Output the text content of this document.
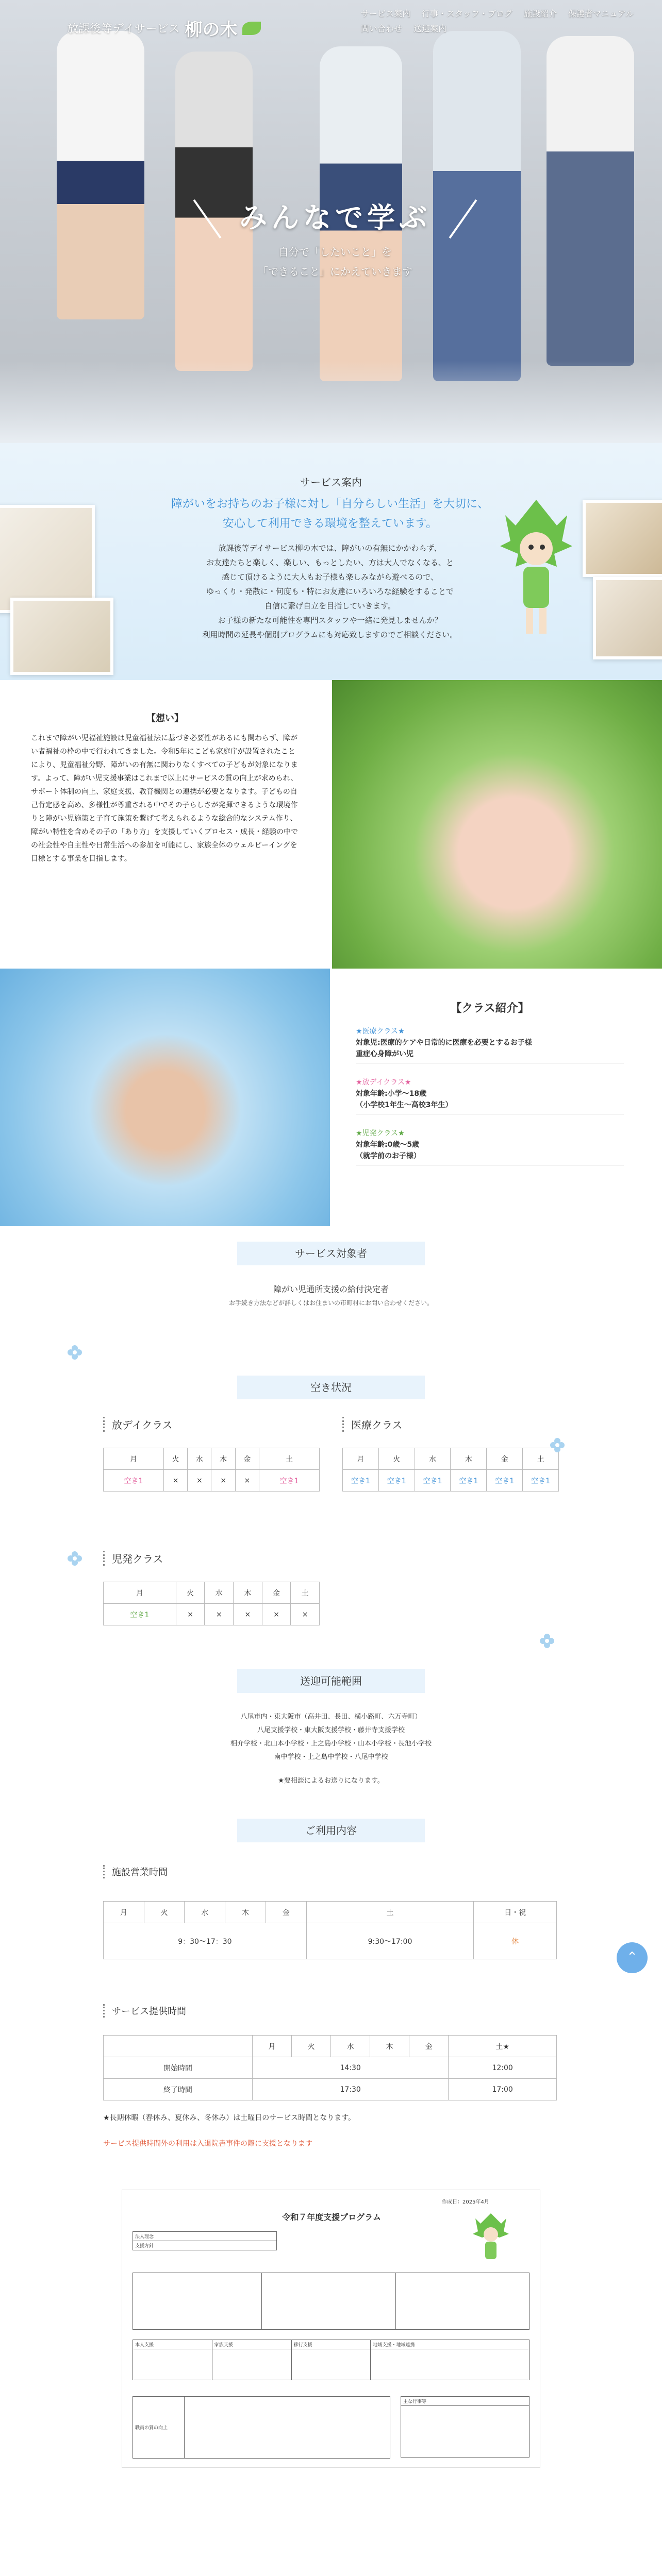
放課後等デイサービス 柳の木
サービス案内 行事・スタッフ・ブログ 施設紹介 保護者マニュアル
問い合わせ 送迎案内
みんなで学ぶ
自分で「したいこと」を
「できること」にかえていきます
サービス案内
障がいをお持ちのお子様に対し「自分らしい生活」を大切に、
安心して利用できる環境を整えています。
放課後等デイサービス柳の木では、障がいの有無にかかわらず、
お友達たちと楽しく、楽しい、もっとしたい、方は大人でなくなる、と
感じて頂けるように大人もお子様も楽しみながら遊べるので、
ゆっくり・発散に・何度も・特にお友達にいろいろな経験をすることで
自信に繋げ自立を目指していきます。
お子様の新たな可能性を専門スタッフや一緒に発見しませんか？
利用時間の延長や個別プログラムにも対応致しますのでご相談ください。
【想い】
これまで障がい児福祉施設は児童福祉法に基づき必要性があるにも関わらず、障がい者福祉の枠の中で行われてきました。令和5年にこども家庭庁が設置されたことにより、児童福祉分野、障がいの有無に関わりなくすべての子どもが対象になります。よって、障がい児支援事業はこれまで以上にサービスの質の向上が求められ、サポート体制の向上、家庭支援、教育機関との連携が必要となります。子どもの自己肯定感を高め、多様性が尊重される中でその子らしさが発揮できるような環境作りと障がい児施策と子育て施策を繋げて考えられるような総合的なシステム作り、障がい特性を含めその子の「あり方」を支援していくプロセス・成長・経験の中での社会性や自主性や日常生活への参加を可能にし、家族全体のウェルビーイングを目標とする事業を目指します。
【クラス紹介】
★医療クラス★
対象児:医療的ケアや日常的に医療を必要とするお子様
重症心身障がい児
★放デイクラス★
対象年齢:小学〜18歳
（小学校1年生〜高校3年生）
★児発クラス★
対象年齢:0歳〜5歳
（就学前のお子様）
サービス対象者
障がい児通所支援の給付決定者
お手続き方法などが詳しくはお住まいの市町村にお問い合わせください。
空き状況
放デイクラス
月	火	水	木	金	土
空き1	×	×	×	×	空き1
医療クラス
月	火	水	木	金	土
空き1	空き1	空き1	空き1	空き1	空き1
児発クラス
月	火	水	木	金	土
空き1	×	×	×	×	×
送迎可能範囲
八尾市内・東大阪市（高井田、長田、横小路町、六万寺町）
八尾支援学校・東大阪支援学校・藤井寺支援学校
相介学校・北山本小学校・上之島小学校・山本小学校・長池小学校
南中学校・上之島中学校・八尾中学校
★要相談によるお送りになります。
ご利用内容
施設営業時間
月	火	水	木	金	土	日・祝
9：30〜17：30					9:30〜17:00	休
⌃
サービス提供時間
	月	火	水	木	金	土★
開始時間	14:30					12:00
終了時間	17:30					17:00
★長期休暇（春休み、夏休み、冬休み）は土曜日のサービス時間となります。
サービス提供時間外の利用は入退院書事件の際に支援となります
作成日：2025年4月
令和７年度支援プログラム
法人理念
支援方針

本人支援	家族支援	移行支援	地域支援・地域連携

職員の質の向上	
主な行事等
